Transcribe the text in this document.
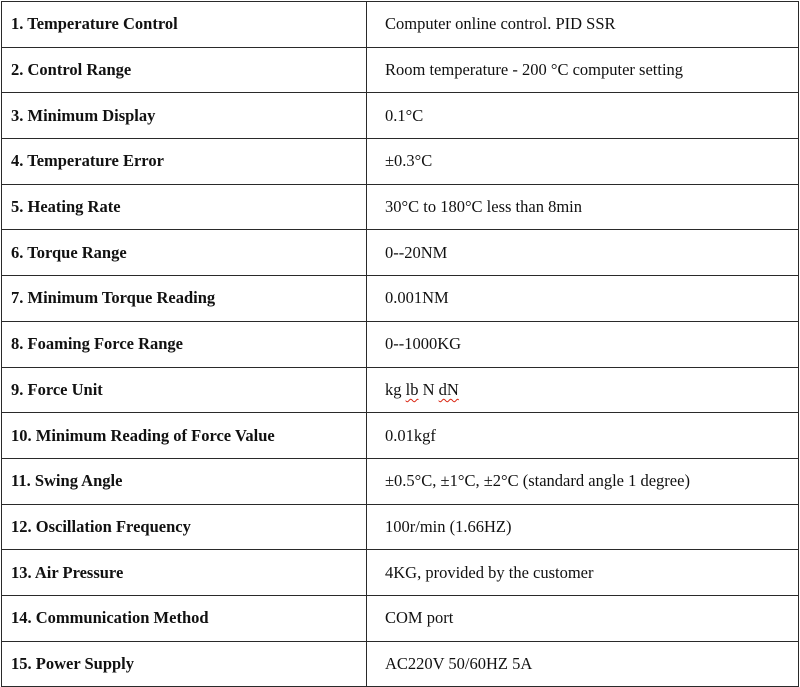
1. Temperature Control	Computer online control. PID SSR
2. Control Range	Room temperature - 200 °C computer setting
3. Minimum Display	0.1°C
4. Temperature Error	±0.3°C
5. Heating Rate	30°C to 180°C less than 8min
6. Torque Range	0--20NM
7. Minimum Torque Reading	0.001NM
8. Foaming Force Range	0--1000KG
9. Force Unit	kg lb N dN
10. Minimum Reading of Force Value	0.01kgf
11. Swing Angle	±0.5°C, ±1°C, ±2°C (standard angle 1 degree)
12. Oscillation Frequency	100r/min (1.66HZ)
13. Air Pressure	4KG, provided by the customer
14. Communication Method	COM port
15. Power Supply	AC220V 50/60HZ 5A
